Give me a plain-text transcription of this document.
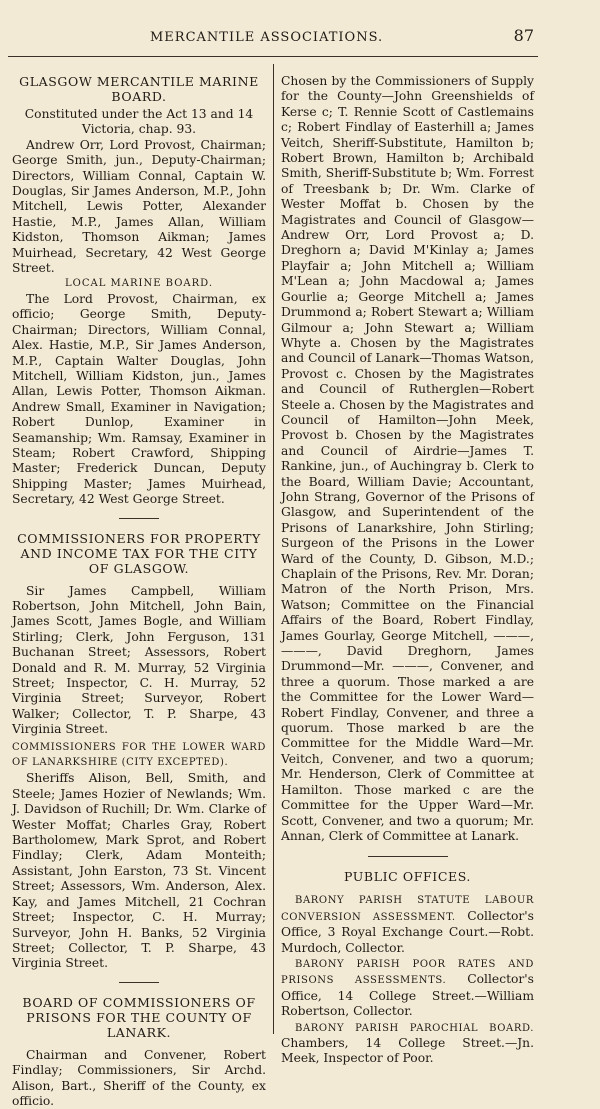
MERCANTILE ASSOCIATIONS.	87

GLASGOW MERCANTILE MARINE BOARD.

Constituted under the Act 13 and 14 Victoria, chap. 93.

Andrew Orr, Lord Provost, Chairman; George Smith, jun., Deputy-Chairman; Directors, William Connal, Captain W. Douglas, Sir James Anderson, M.P., John Mitchell, Lewis Potter, Alexander Hastie, M.P., James Allan, William Kidston, Thomson Aikman; James Muirhead, Secretary, 42 West George Street.

LOCAL MARINE BOARD.

The Lord Provost, Chairman, ex officio; George Smith, Deputy-Chairman; Directors, William Connal, Alex. Hastie, M.P., Sir James Anderson, M.P., Captain Walter Douglas, John Mitchell, William Kidston, jun., James Allan, Lewis Potter, Thomson Aikman. Andrew Small, Examiner in Navigation; Robert Dunlop, Examiner in Seamanship; Wm. Ramsay, Examiner in Steam; Robert Crawford, Shipping Master; Frederick Duncan, Deputy Shipping Master; James Muirhead, Secretary, 42 West George Street.

COMMISSIONERS FOR PROPERTY AND INCOME TAX FOR THE CITY OF GLASGOW.

Sir James Campbell, William Robertson, John Mitchell, John Bain, James Scott, James Bogle, and William Stirling; Clerk, John Ferguson, 131 Buchanan Street; Assessors, Robert Donald and R. M. Murray, 52 Virginia Street; Inspector, C. H. Murray, 52 Virginia Street; Surveyor, Robert Walker; Collector, T. P. Sharpe, 43 Virginia Street.

COMMISSIONERS FOR THE LOWER WARD OF LANARKSHIRE (CITY EXCEPTED).

Sheriffs Alison, Bell, Smith, and Steele; James Hozier of Newlands; Wm. J. Davidson of Ruchill; Dr. Wm. Clarke of Wester Moffat; Charles Gray, Robert Bartholomew, Mark Sprot, and Robert Findlay; Clerk, Adam Monteith; Assistant, John Earston, 73 St. Vincent Street; Assessors, Wm. Anderson, Alex. Kay, and James Mitchell, 21 Cochran Street; Inspector, C. H. Murray; Surveyor, John H. Banks, 52 Virginia Street; Collector, T. P. Sharpe, 43 Virginia Street.

BOARD OF COMMISSIONERS OF PRISONS FOR THE COUNTY OF LANARK.

Chairman and Convener, Robert Findlay; Commissioners, Sir Archd. Alison, Bart., Sheriff of the County, ex officio.

Chosen by the Commissioners of Supply for the County—John Greenshields of Kerse c; T. Rennie Scott of Castlemains c; Robert Findlay of Easterhill a; James Veitch, Sheriff-Substitute, Hamilton b; Robert Brown, Hamilton b; Archibald Smith, Sheriff-Substitute b; Wm. Forrest of Treesbank b; Dr. Wm. Clarke of Wester Moffat b. Chosen by the Magistrates and Council of Glasgow—Andrew Orr, Lord Provost a; D. Dreghorn a; David M'Kinlay a; James Playfair a; John Mitchell a; William M'Lean a; John Macdowal a; James Gourlie a; George Mitchell a; James Drummond a; Robert Stewart a; William Gilmour a; John Stewart a; William Whyte a. Chosen by the Magistrates and Council of Lanark—Thomas Watson, Provost c. Chosen by the Magistrates and Council of Rutherglen—Robert Steele a. Chosen by the Magistrates and Council of Hamilton—John Meek, Provost b. Chosen by the Magistrates and Council of Airdrie—James T. Rankine, jun., of Auchingray b. Clerk to the Board, William Davie; Accountant, John Strang, Governor of the Prisons of Glasgow, and Superintendent of the Prisons of Lanarkshire, John Stirling; Surgeon of the Prisons in the Lower Ward of the County, D. Gibson, M.D.; Chaplain of the Prisons, Rev. Mr. Doran; Matron of the North Prison, Mrs. Watson; Committee on the Financial Affairs of the Board, Robert Findlay, James Gourlay, George Mitchell, ———, ———, David Dreghorn, James Drummond—Mr. ———, Convener, and three a quorum. Those marked a are the Committee for the Lower Ward—Robert Findlay, Convener, and three a quorum. Those marked b are the Committee for the Middle Ward—Mr. Veitch, Convener, and two a quorum; Mr. Henderson, Clerk of Committee at Hamilton. Those marked c are the Committee for the Upper Ward—Mr. Scott, Convener, and two a quorum; Mr. Annan, Clerk of Committee at Lanark.

PUBLIC OFFICES.

BARONY PARISH STATUTE LABOUR CONVERSION ASSESSMENT. Collector's Office, 3 Royal Exchange Court.—Robt. Murdoch, Collector.

BARONY PARISH POOR RATES AND PRISONS ASSESSMENTS. Collector's Office, 14 College Street.—William Robertson, Collector.

BARONY PARISH PAROCHIAL BOARD. Chambers, 14 College Street.—Jn. Meek, Inspector of Poor.
